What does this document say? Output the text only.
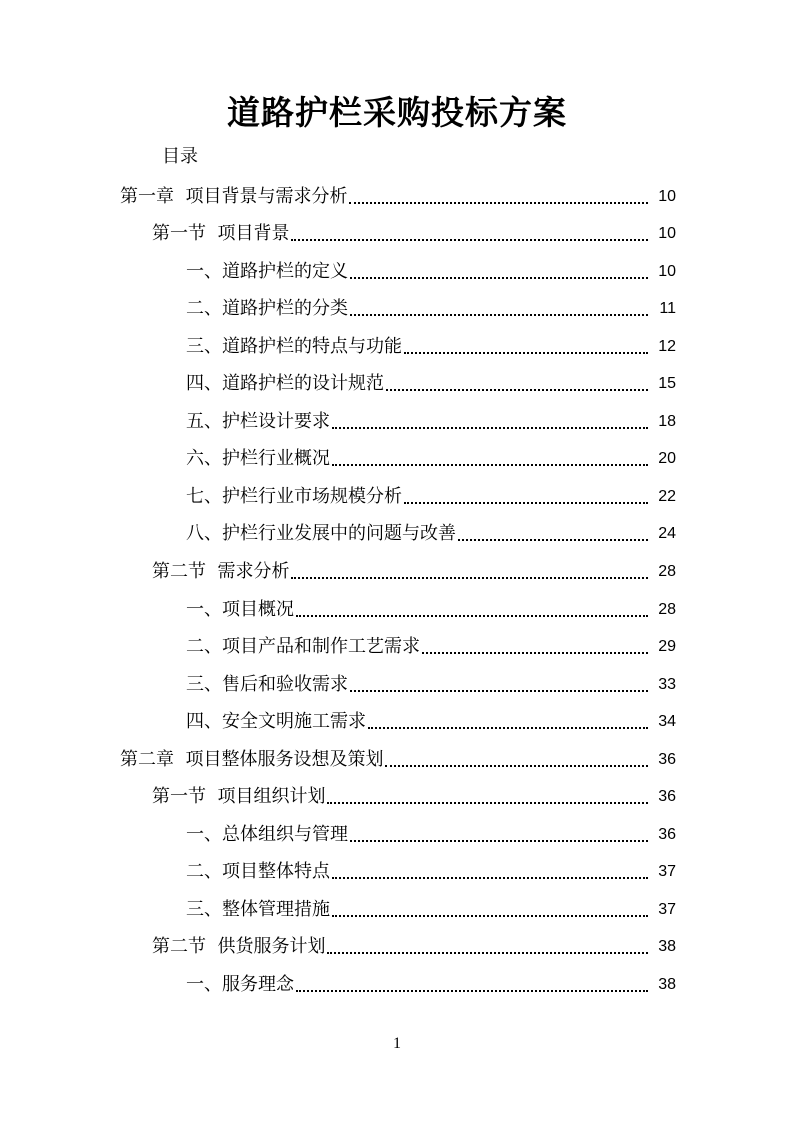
道路护栏采购投标方案
目录
第一章  项目背景与需求分析	10
第一节  项目背景	10
一、道路护栏的定义	10
二、道路护栏的分类	11
三、道路护栏的特点与功能	12
四、道路护栏的设计规范	15
五、护栏设计要求	18
六、护栏行业概况	20
七、护栏行业市场规模分析	22
八、护栏行业发展中的问题与改善	24
第二节  需求分析	28
一、项目概况	28
二、项目产品和制作工艺需求	29
三、售后和验收需求	33
四、安全文明施工需求	34
第二章  项目整体服务设想及策划	36
第一节  项目组织计划	36
一、总体组织与管理	36
二、项目整体特点	37
三、整体管理措施	37
第二节  供货服务计划	38
一、服务理念	38
1
